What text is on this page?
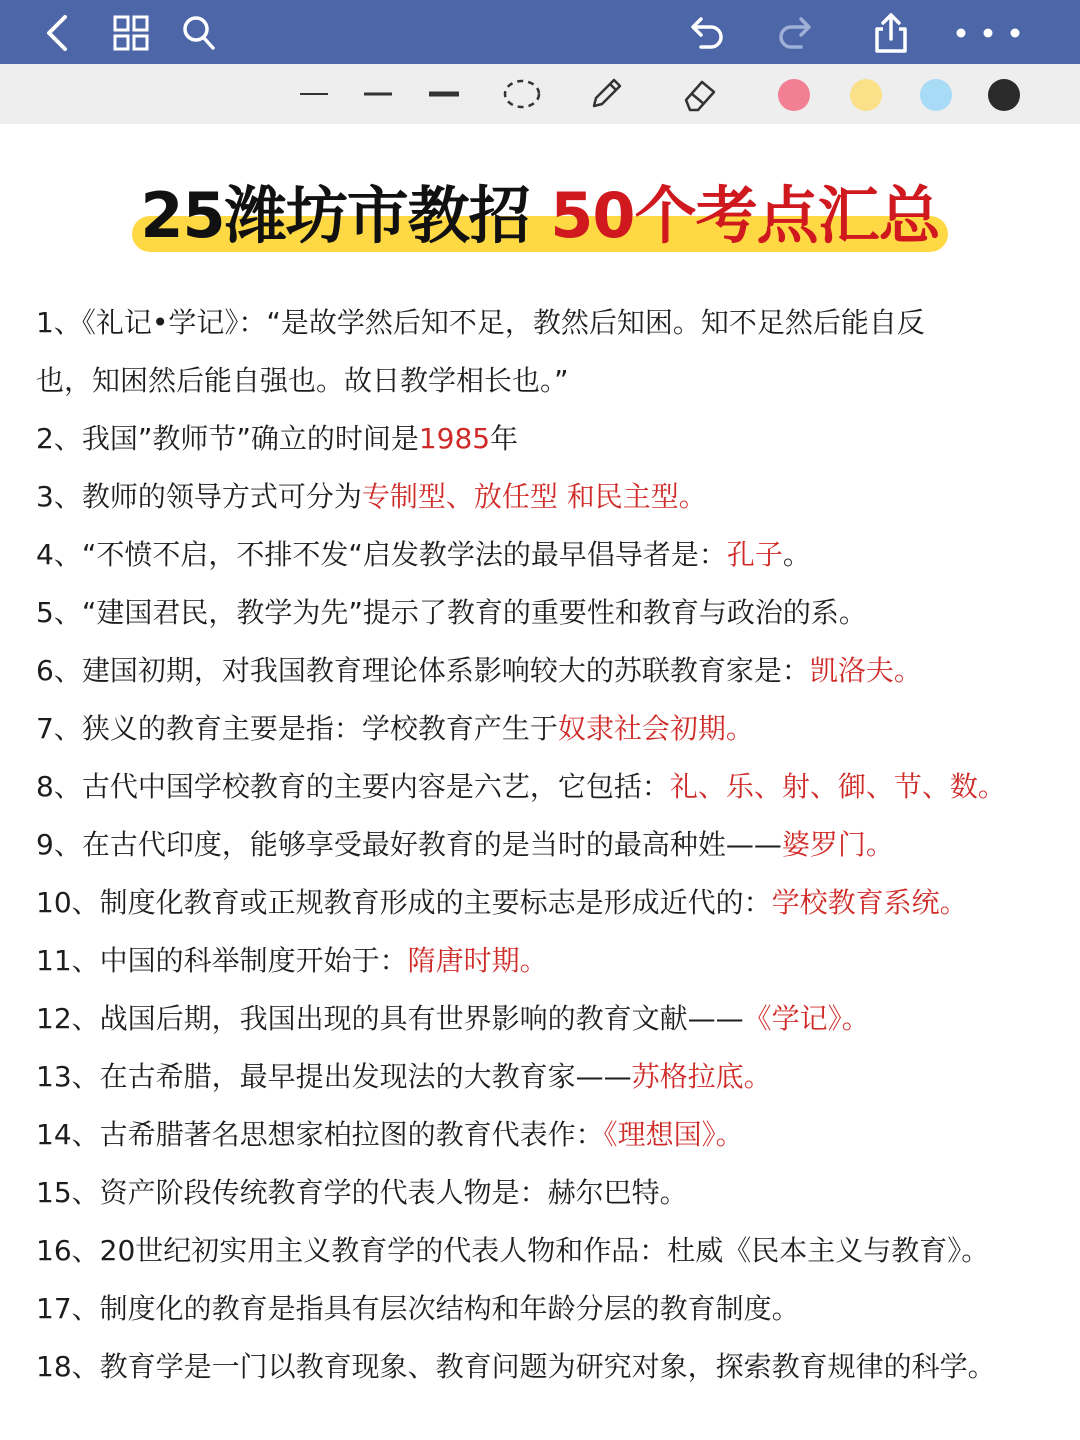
25潍坊市教招 50个考点汇总
1、《礼记•学记》：“是故学然后知不足，教然后知困。知不足然后能自反
也，知困然后能自强也。故日教学相长也。”
2、我国”教师节”确立的时间是1985年
3、教师的领导方式可分为专制型、放任型 和民主型。
4、“不愤不启，不排不发“启发教学法的最早倡导者是：孔子。
5、“建国君民，教学为先”提示了教育的重要性和教育与政治的系。
6、建国初期，对我国教育理论体系影响较大的苏联教育家是：凯洛夫。
7、狭义的教育主要是指：学校教育产生于奴隶社会初期。
8、古代中国学校教育的主要内容是六艺，它包括：礼、乐、射、御、节、数。
9、在古代印度，能够享受最好教育的是当时的最高种姓——婆罗门。
10、制度化教育或正规教育形成的主要标志是形成近代的：学校教育系统。
11、中国的科举制度开始于：隋唐时期。
12、战国后期，我国出现的具有世界影响的教育文献——《学记》。
13、在古希腊，最早提出发现法的大教育家——苏格拉底。
14、古希腊著名思想家柏拉图的教育代表作：《理想国》。
15、资产阶段传统教育学的代表人物是：赫尔巴特。
16、20世纪初实用主义教育学的代表人物和作品：杜威《民本主义与教育》。
17、制度化的教育是指具有层次结构和年龄分层的教育制度。
18、教育学是一门以教育现象、教育问题为研究对象，探索教育规律的科学。
